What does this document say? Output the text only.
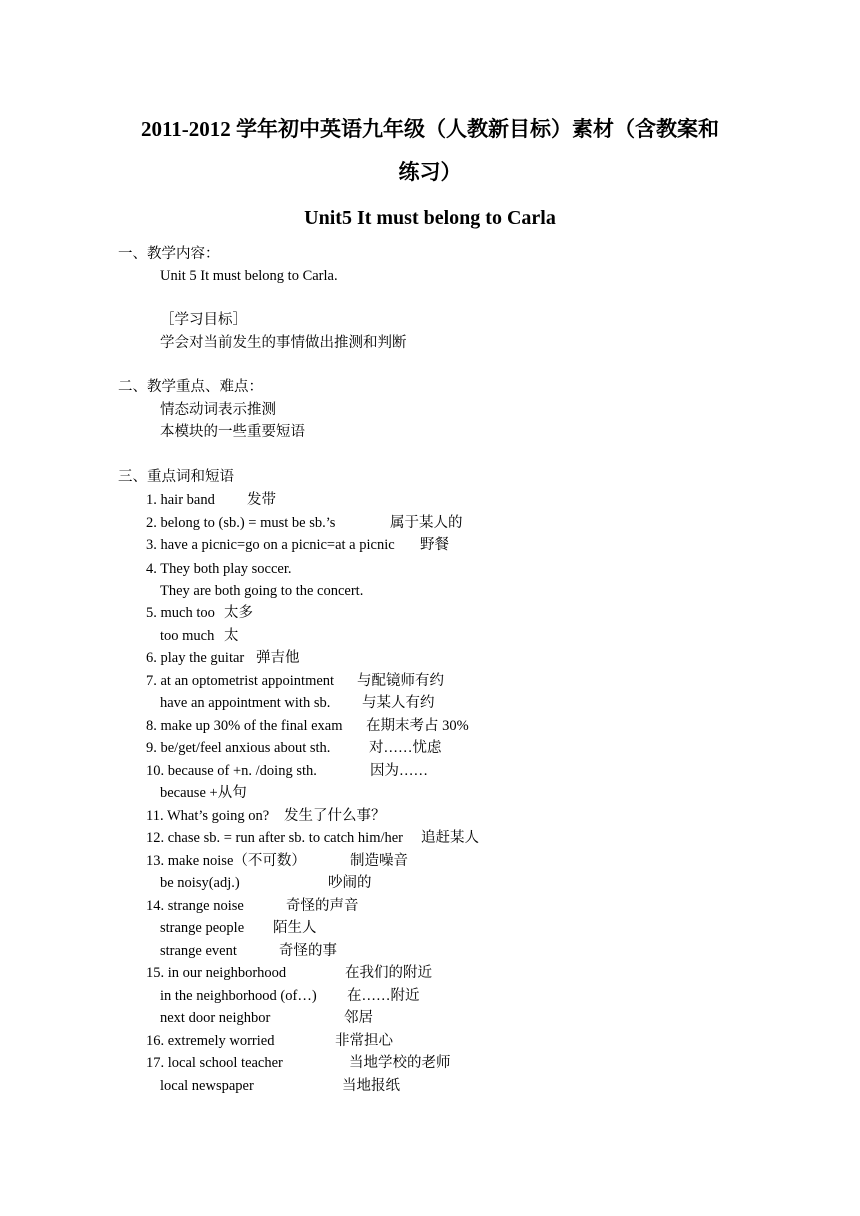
2011-2012 学年初中英语九年级（人教新目标）素材（含教案和
练习）
Unit5 It must belong to Carla
一、教学内容：
Unit 5 It must belong to Carla.
［学习目标］
学会对当前发生的事情做出推测和判断
二、教学重点、难点：
情态动词表示推测
本模块的一些重要短语
三、重点词和短语
1. hair band 发带
2. belong to (sb.) = must be sb.’s	属于某人的
3. have a picnic=go on a picnic=at a picnic 野餐
4. They both play soccer.
They are both going to the concert.
5. much too 太多
too much 太
6. play the guitar 弹吉他
7. at an optometrist appointment 与配镜师有约
have an appointment with sb. 与某人有约
8. make up 30% of the final exam 在期末考占 30%
9. be/get/feel anxious about sth.	对……忧虑
10. because of +n. /doing sth.	因为……
because +从句
11. What’s going on? 发生了什么事？
12. chase sb. = run after sb. to catch him/her 追赶某人
13. make noise（不可数）	制造噪音
be noisy(adj.)	吵闹的
14. strange noise	奇怪的声音
strange people 陌生人
strange event	奇怪的事
15. in our neighborhood	在我们的附近
in the neighborhood (of…) 在……附近
next door neighbor	邻居
16. extremely worried	非常担心
17. local school teacher	当地学校的老师
local newspaper	当地报纸
